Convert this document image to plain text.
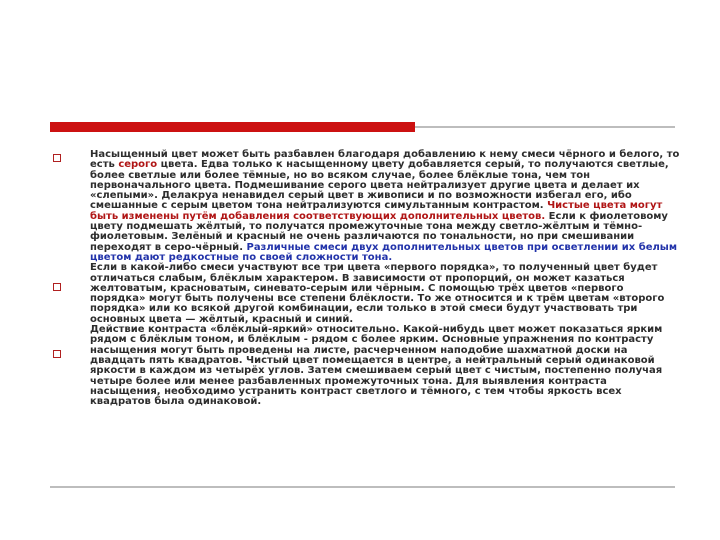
Насыщенный цвет может быть разбавлен благодаря добавлению к нему смеси чёрного и белого, то есть серого цвета. Едва только к насыщенному цвету добавляется серый, то получаются светлые, более светлые или более тёмные, но во всяком случае, более блёклые тона, чем тон первоначального цвета. Подмешивание серого цвета нейтрализует другие цвета и делает их «слепыми». Делакруа ненавидел серый цвет в живописи и по возможности избегал его, ибо смешанные с серым цветом тона нейтрализуются симультанным контрастом. Чистые цвета могут быть изменены путём добавления соответствующих дополнительных цветов. Если к фиолетовому цвету подмешать жёлтый, то получатся промежуточные тона между светло-жёлтым и тёмно-фиолетовым. Зелёный и красный не очень различаются по тональности, но при смешивании переходят в серо-чёрный. Различные смеси двух дополнительных цветов при осветлении их белым цветом дают редкостные по своей сложности тона.

Если в какой-либо смеси участвуют все три цвета «первого порядка», то полученный цвет будет отличаться слабым, блёклым характером. В зависимости от пропорций, он может казаться желтоватым, красноватым, синевато-серым или чёрным. С помощью трёх цветов «первого порядка» могут быть получены все степени блёклости. То же относится и к трём цветам «второго порядка» или ко всякой другой комбинации, если только в этой смеси будут участвовать три основных цвета — жёлтый, красный и синий.

Действие контраста «блёклый-яркий» относительно. Какой-нибудь цвет может показаться ярким рядом с блёклым тоном, и блёклым - рядом с более ярким. Основные упражнения по контрасту насыщения могут быть проведены на листе, расчерченном наподобие шахматной доски на двадцать пять квадратов. Чистый цвет помещается в центре, а нейтральный серый одинаковой яркости в каждом из четырёх углов. Затем смешиваем серый цвет с чистым, постепенно получая четыре более или менее разбавленных промежуточных тона. Для выявления контраста насыщения, необходимо устранить контраст светлого и тёмного, с тем чтобы яркость всех квадратов была одинаковой.
